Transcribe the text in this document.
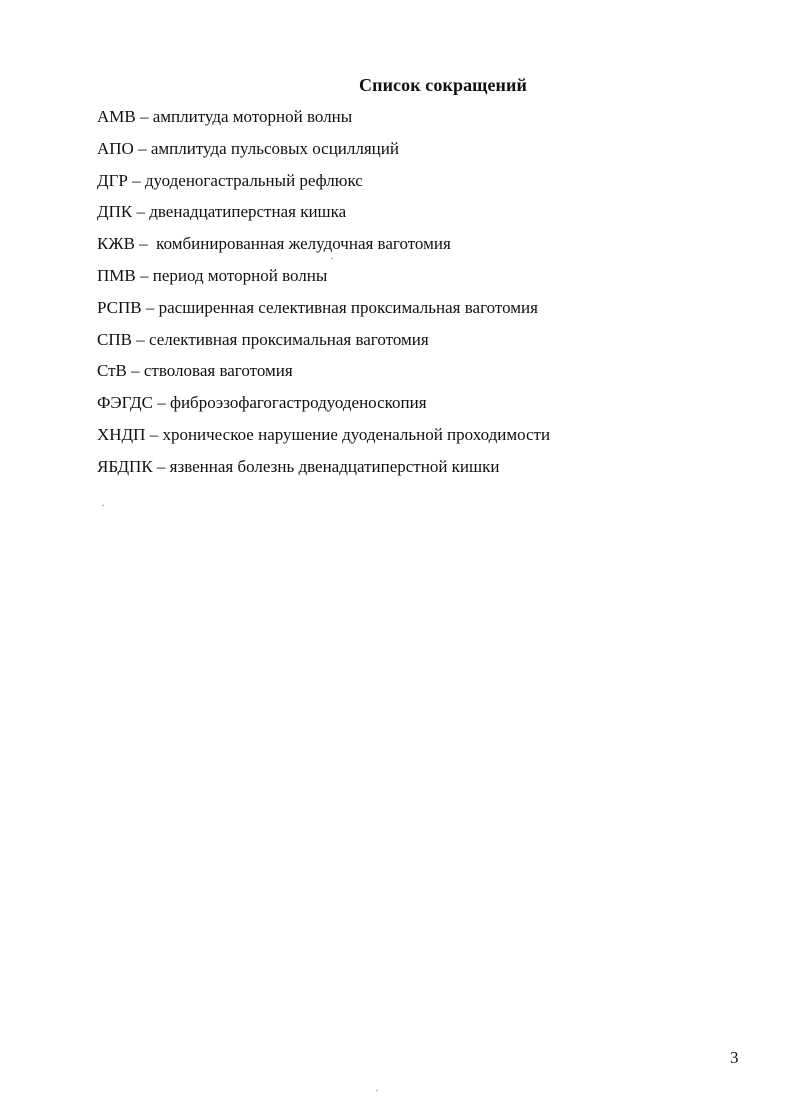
Список сокращений
АМВ – амплитуда моторной волны
АПО – амплитуда пульсовых осцилляций
ДГР – дуоденогастральный рефлюкс
ДПК – двенадцатиперстная кишка
КЖВ –  комбинированная желудочная ваготомия
ПМВ – период моторной волны
РСПВ – расширенная селективная проксимальная ваготомия
СПВ – селективная проксимальная ваготомия
СтВ – стволовая ваготомия
ФЭГДС – фиброэзофагогастродуоденоскопия
ХНДП – хроническое нарушение дуоденальной проходимости
ЯБДПК – язвенная болезнь двенадцатиперстной кишки
3
